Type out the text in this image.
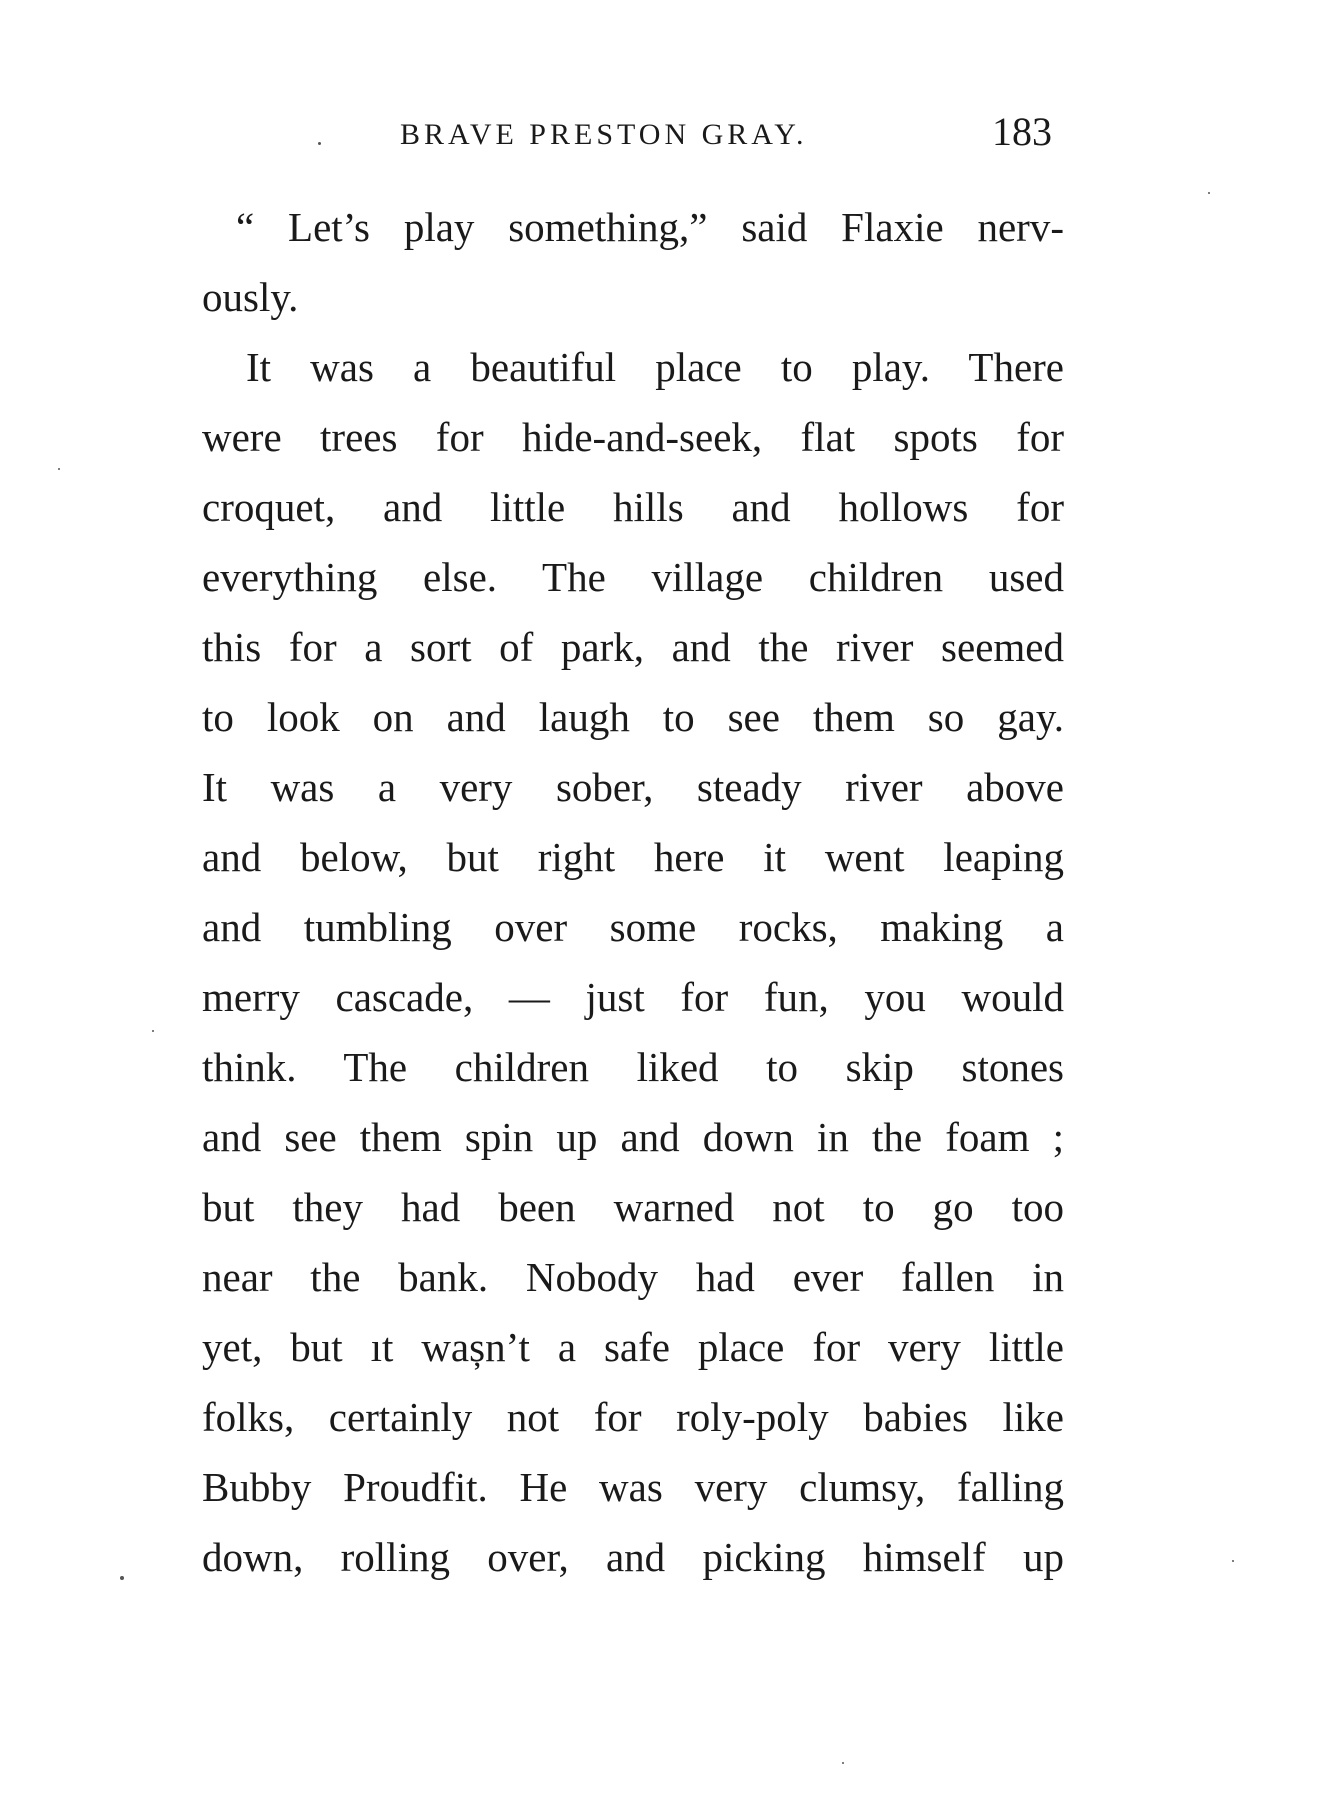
BRAVE PRESTON GRAY.	183
“ Let’s play something,” said Flaxie nerv-
ously.
It was a beautiful place to play. There
were trees for hide-and-seek, flat spots for
croquet, and little hills and hollows for
everything else. The village children used
this for a sort of park, and the river seemed
to look on and laugh to see them so gay.
It was a very sober, steady river above
and below, but right here it went leaping
and tumbling over some rocks, making a
merry cascade, — just for fun, you would
think. The children liked to skip stones
and see them spin up and down in the foam ;
but they had been warned not to go too
near the bank. Nobody had ever fallen in
yet, but ıt wașn’t a safe place for very little
folks, certainly not for roly-poly babies like
Bubby Proudfit. He was very clumsy, falling
down, rolling over, and picking himself up
